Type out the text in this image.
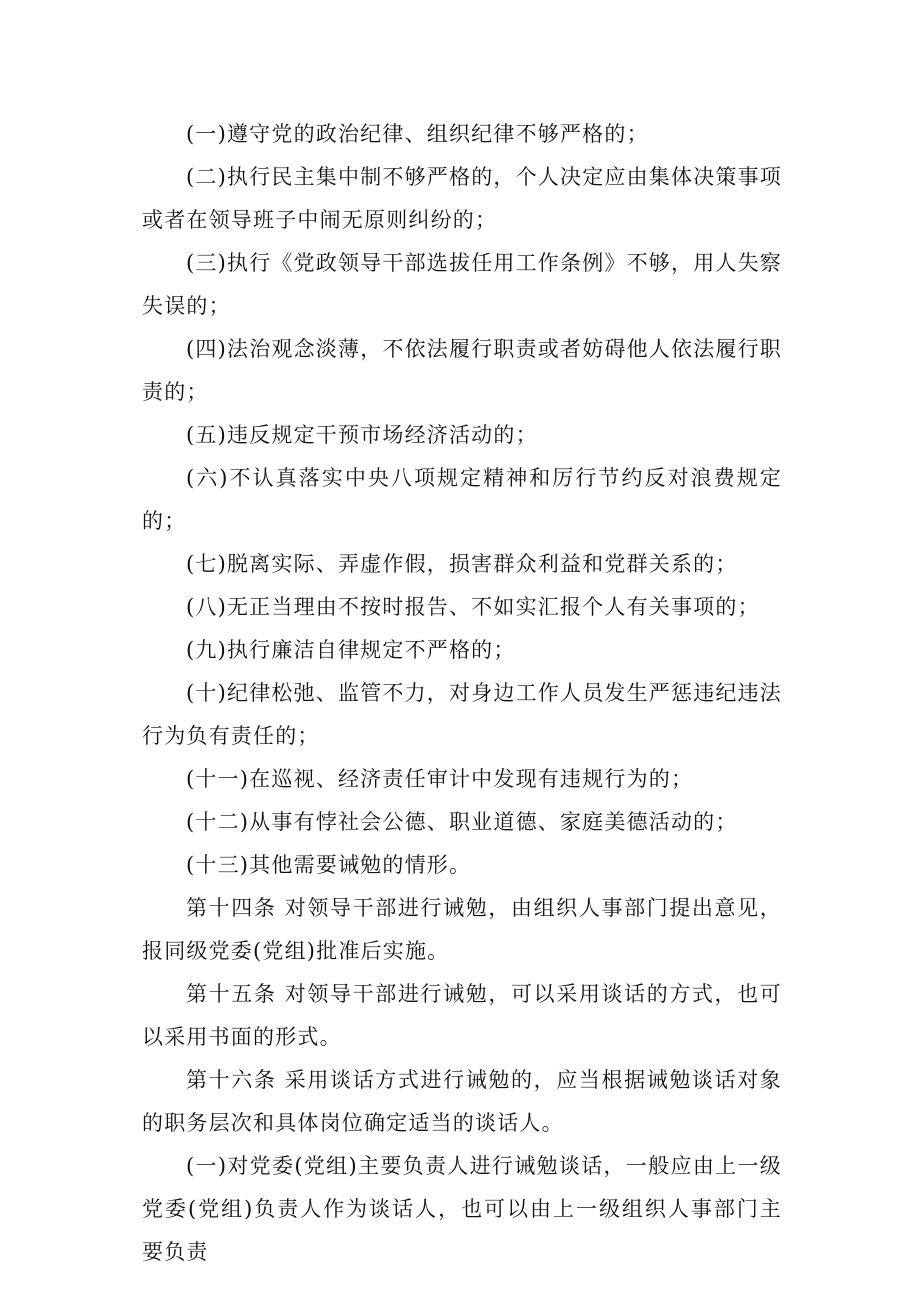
(一)遵守党的政治纪律、组织纪律不够严格的；

(二)执行民主集中制不够严格的，个人决定应由集体决策事项或者在领导班子中闹无原则纠纷的；

(三)执行《党政领导干部选拔任用工作条例》不够，用人失察失误的；

(四)法治观念淡薄，不依法履行职责或者妨碍他人依法履行职责的；

(五)违反规定干预市场经济活动的；

(六)不认真落实中央八项规定精神和厉行节约反对浪费规定的；

(七)脱离实际、弄虚作假，损害群众利益和党群关系的；

(八)无正当理由不按时报告、不如实汇报个人有关事项的；

(九)执行廉洁自律规定不严格的；

(十)纪律松弛、监管不力，对身边工作人员发生严惩违纪违法行为负有责任的；

(十一)在巡视、经济责任审计中发现有违规行为的；

(十二)从事有悖社会公德、职业道德、家庭美德活动的；

(十三)其他需要诫勉的情形。

第十四条 对领导干部进行诫勉，由组织人事部门提出意见，报同级党委(党组)批准后实施。

第十五条 对领导干部进行诫勉，可以采用谈话的方式，也可以采用书面的形式。

第十六条 采用谈话方式进行诫勉的，应当根据诫勉谈话对象的职务层次和具体岗位确定适当的谈话人。

(一)对党委(党组)主要负责人进行诫勉谈话，一般应由上一级党委(党组)负责人作为谈话人，也可以由上一级组织人事部门主要负责
